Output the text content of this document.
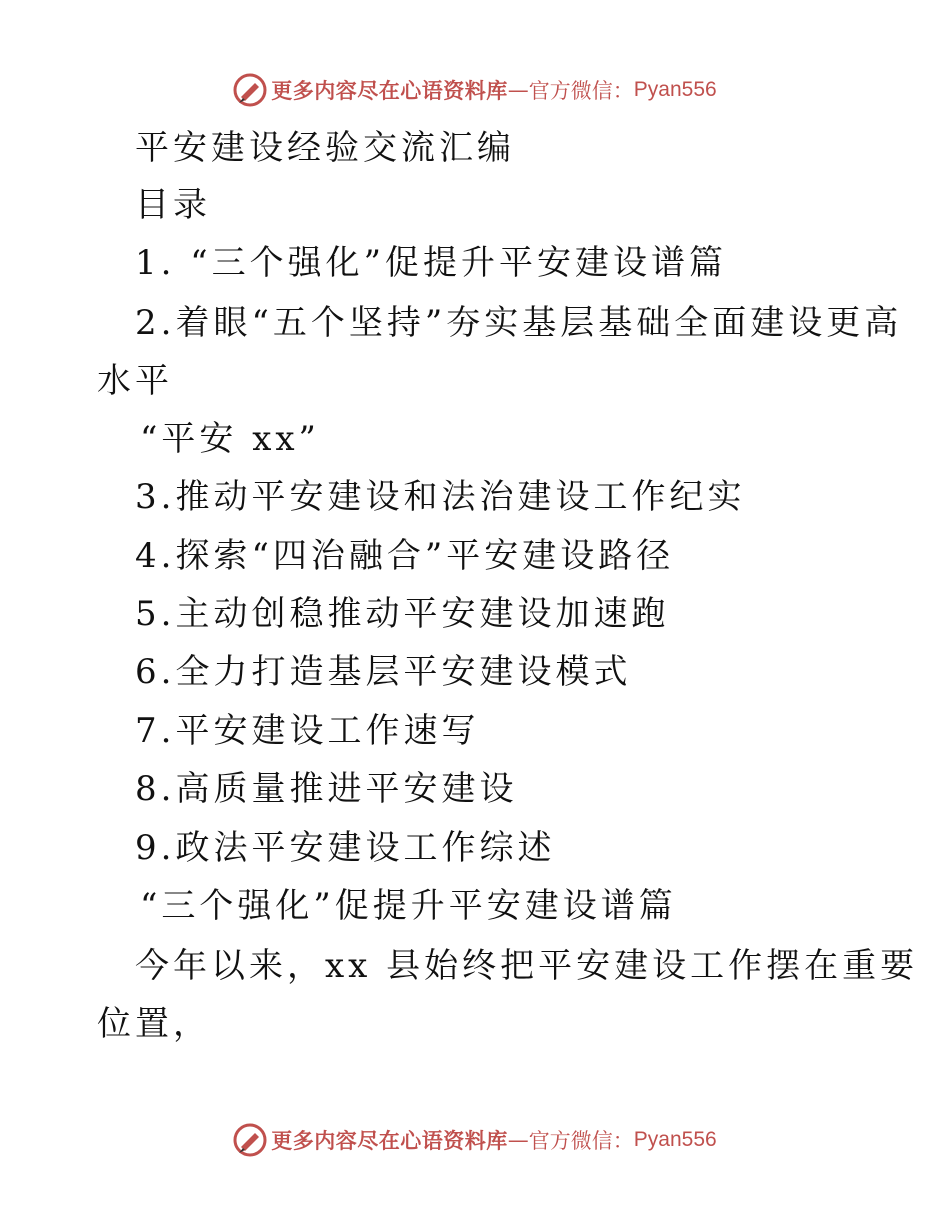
更多内容尽在心语资料库 — 官方微信： Pyan556
平安建设经验交流汇编
目录
1. “三个强化”促提升平安建设谱篇
2.着眼“五个坚持”夯实基层基础全面建设更高
水平
“平安 xx”
3.推动平安建设和法治建设工作纪实
4.探索“四治融合”平安建设路径
5.主动创稳推动平安建设加速跑
6.全力打造基层平安建设模式
7.平安建设工作速写
8.高质量推进平安建设
9.政法平安建设工作综述
“三个强化”促提升平安建设谱篇
今年以来，xx 县始终把平安建设工作摆在重要
位置，
更多内容尽在心语资料库 — 官方微信： Pyan556
